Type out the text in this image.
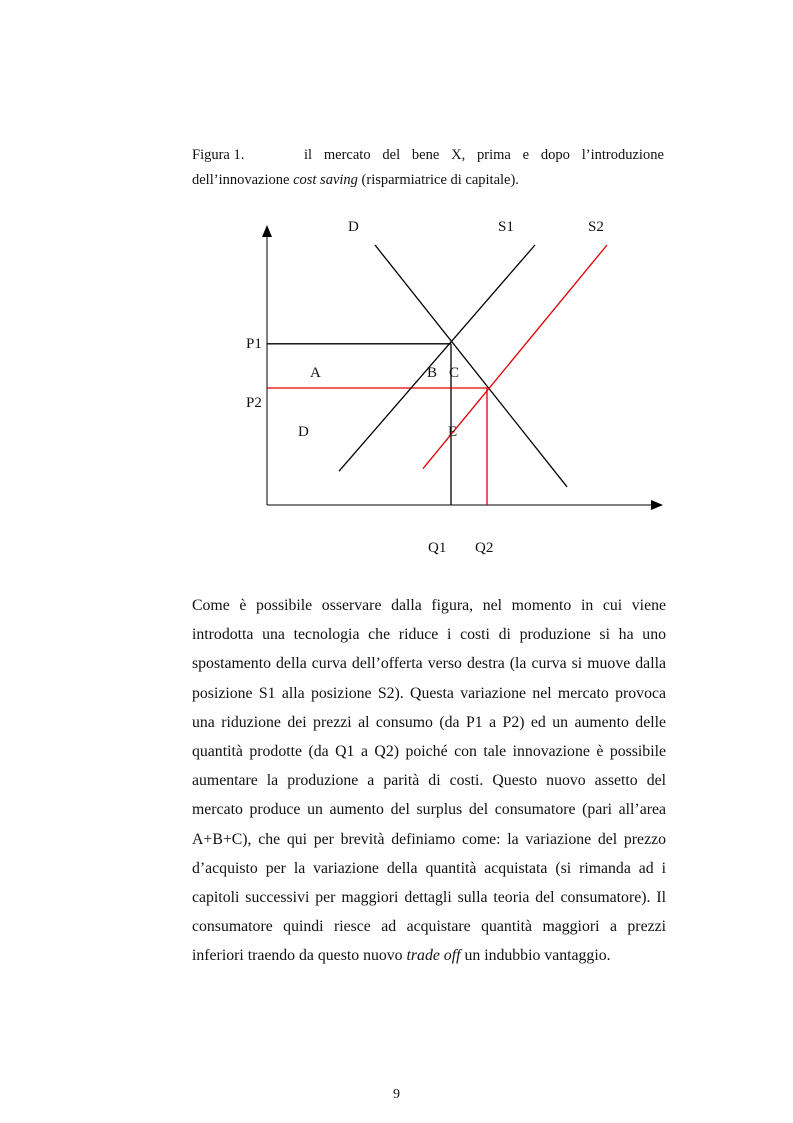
Figura 1.	il mercato del bene X, prima e dopo l’introduzione
dell’innovazione cost saving (risparmiatrice di capitale).
D	S1	S2
P1
P2
Q1 Q2
A	B C
D	E

Come è possibile osservare dalla figura, nel momento in cui viene introdotta una tecnologia che riduce i costi di produzione si ha uno spostamento della curva dell’offerta verso destra (la curva si muove dalla posizione S1 alla posizione S2). Questa variazione nel mercato provoca una riduzione dei prezzi al consumo (da P1 a P2) ed un aumento delle quantità prodotte (da Q1 a Q2) poiché con tale innovazione è possibile aumentare la produzione a parità di costi. Questo nuovo assetto del mercato produce un aumento del surplus del consumatore (pari all’area A+B+C), che qui per brevità definiamo come: la variazione del prezzo d’acquisto per la variazione della quantità acquistata (si rimanda ad i capitoli successivi per maggiori dettagli sulla teoria del consumatore). Il consumatore quindi riesce ad acquistare quantità maggiori a prezzi inferiori traendo da questo nuovo trade off un indubbio vantaggio.

9
